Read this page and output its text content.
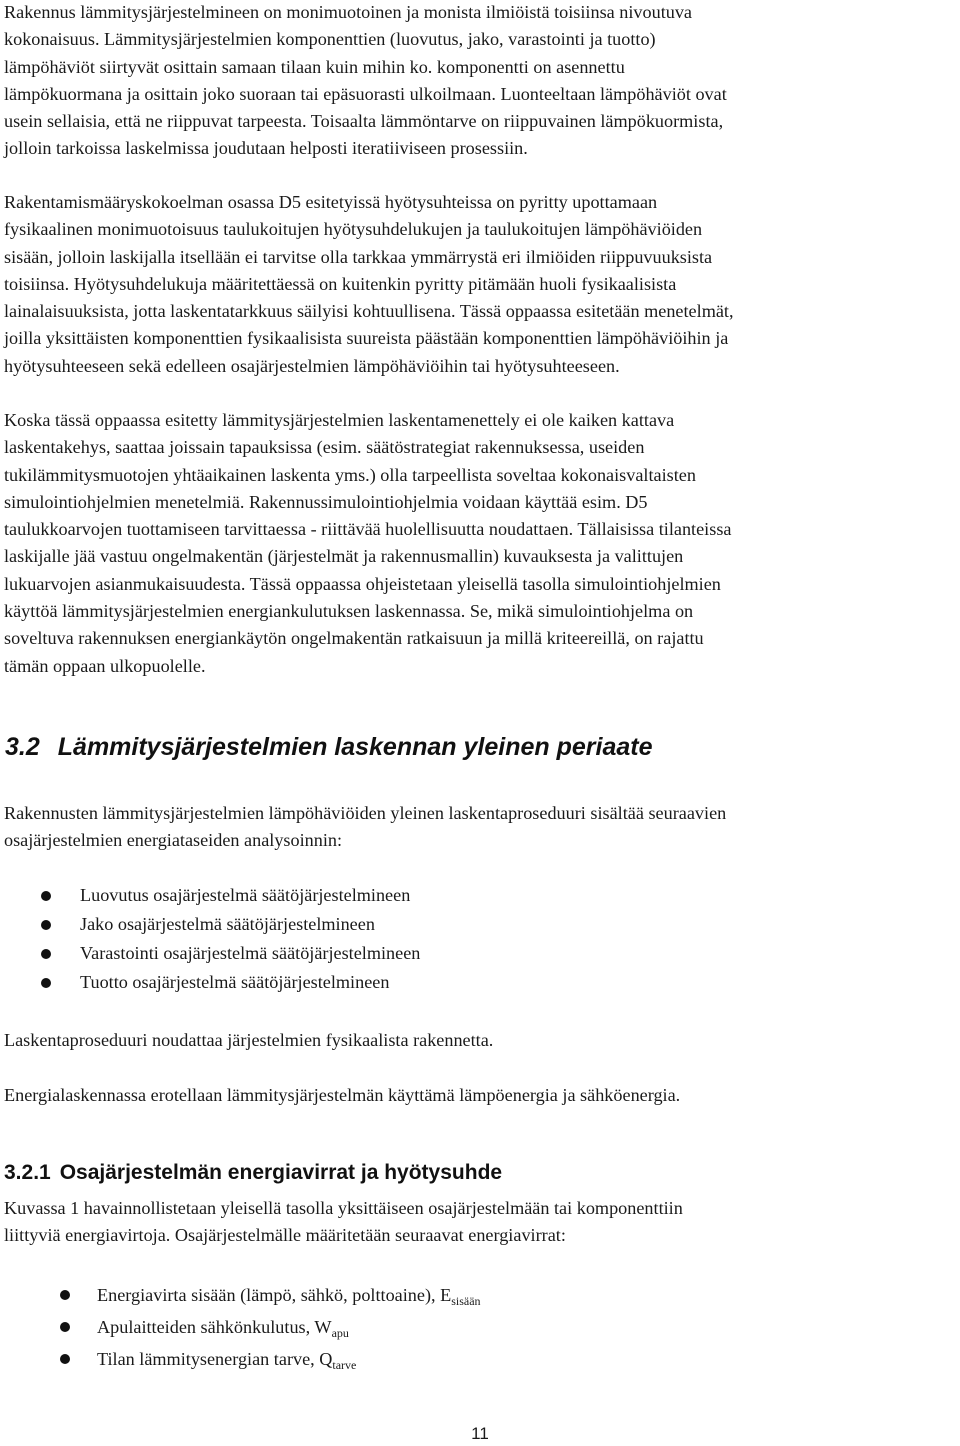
Rakennus lämmitysjärjestelmineen on monimuotoinen ja monista ilmiöistä toisiinsa nivoutuva
kokonaisuus. Lämmitysjärjestelmien komponenttien (luovutus, jako, varastointi ja tuotto)
lämpöhäviöt siirtyvät osittain samaan tilaan kuin mihin ko. komponentti on asennettu
lämpökuormana ja osittain joko suoraan tai epäsuorasti ulkoilmaan. Luonteeltaan lämpöhäviöt ovat
usein sellaisia, että ne riippuvat tarpeesta. Toisaalta lämmöntarve on riippuvainen lämpökuormista,
jolloin tarkoissa laskelmissa joudutaan helposti iteratiiviseen prosessiin.

Rakentamismääryskokoelman osassa D5 esitetyissä hyötysuhteissa on pyritty upottamaan
fysikaalinen monimuotoisuus taulukoitujen hyötysuhdelukujen ja taulukoitujen lämpöhäviöiden
sisään, jolloin laskijalla itsellään ei tarvitse olla tarkkaa ymmärrystä eri ilmiöiden riippuvuuksista
toisiinsa. Hyötysuhdelukuja määritettäessä on kuitenkin pyritty pitämään huoli fysikaalisista
lainalaisuuksista, jotta laskentatarkkuus säilyisi kohtuullisena. Tässä oppaassa esitetään menetelmät,
joilla yksittäisten komponenttien fysikaalisista suureista päästään komponenttien lämpöhäviöihin ja
hyötysuhteeseen sekä edelleen osajärjestelmien lämpöhäviöihin tai hyötysuhteeseen.

Koska tässä oppaassa esitetty lämmitysjärjestelmien laskentamenettely ei ole kaiken kattava
laskentakehys, saattaa joissain tapauksissa (esim. säätöstrategiat rakennuksessa, useiden
tukilämmitysmuotojen yhtäaikainen laskenta yms.) olla tarpeellista soveltaa kokonaisvaltaisten
simulointiohjelmien menetelmiä. Rakennussimulointiohjelmia voidaan käyttää esim. D5
taulukkoarvojen tuottamiseen tarvittaessa - riittävää huolellisuutta noudattaen. Tällaisissa tilanteissa
laskijalle jää vastuu ongelmakentän (järjestelmät ja rakennusmallin) kuvauksesta ja valittujen
lukuarvojen asianmukaisuudesta. Tässä oppaassa ohjeistetaan yleisellä tasolla simulointiohjelmien
käyttöä lämmitysjärjestelmien energiankulutuksen laskennassa. Se, mikä simulointiohjelma on
soveltuva rakennuksen energiankäytön ongelmakentän ratkaisuun ja millä kriteereillä, on rajattu
tämän oppaan ulkopuolelle.

3.2 Lämmitysjärjestelmien laskennan yleinen periaate

Rakennusten lämmitysjärjestelmien lämpöhäviöiden yleinen laskentaproseduuri sisältää seuraavien
osajärjestelmien energiataseiden analysoinnin:

Luovutus osajärjestelmä säätöjärjestelmineen
Jako osajärjestelmä säätöjärjestelmineen
Varastointi osajärjestelmä säätöjärjestelmineen
Tuotto osajärjestelmä säätöjärjestelmineen

Laskentaproseduuri noudattaa järjestelmien fysikaalista rakennetta.

Energialaskennassa erotellaan lämmitysjärjestelmän käyttämä lämpöenergia ja sähköenergia.

3.2.1 Osajärjestelmän energiavirrat ja hyötysuhde

Kuvassa 1 havainnollistetaan yleisellä tasolla yksittäiseen osajärjestelmään tai komponenttiin
liittyviä energiavirtoja. Osajärjestelmälle määritetään seuraavat energiavirrat:

Energiavirta sisään (lämpö, sähkö, polttoaine), $E_{sisään}$
Apulaitteiden sähkönkulutus, $W_{apu}$
Tilan lämmitysenergian tarve, $Q_{tarve}$
11
